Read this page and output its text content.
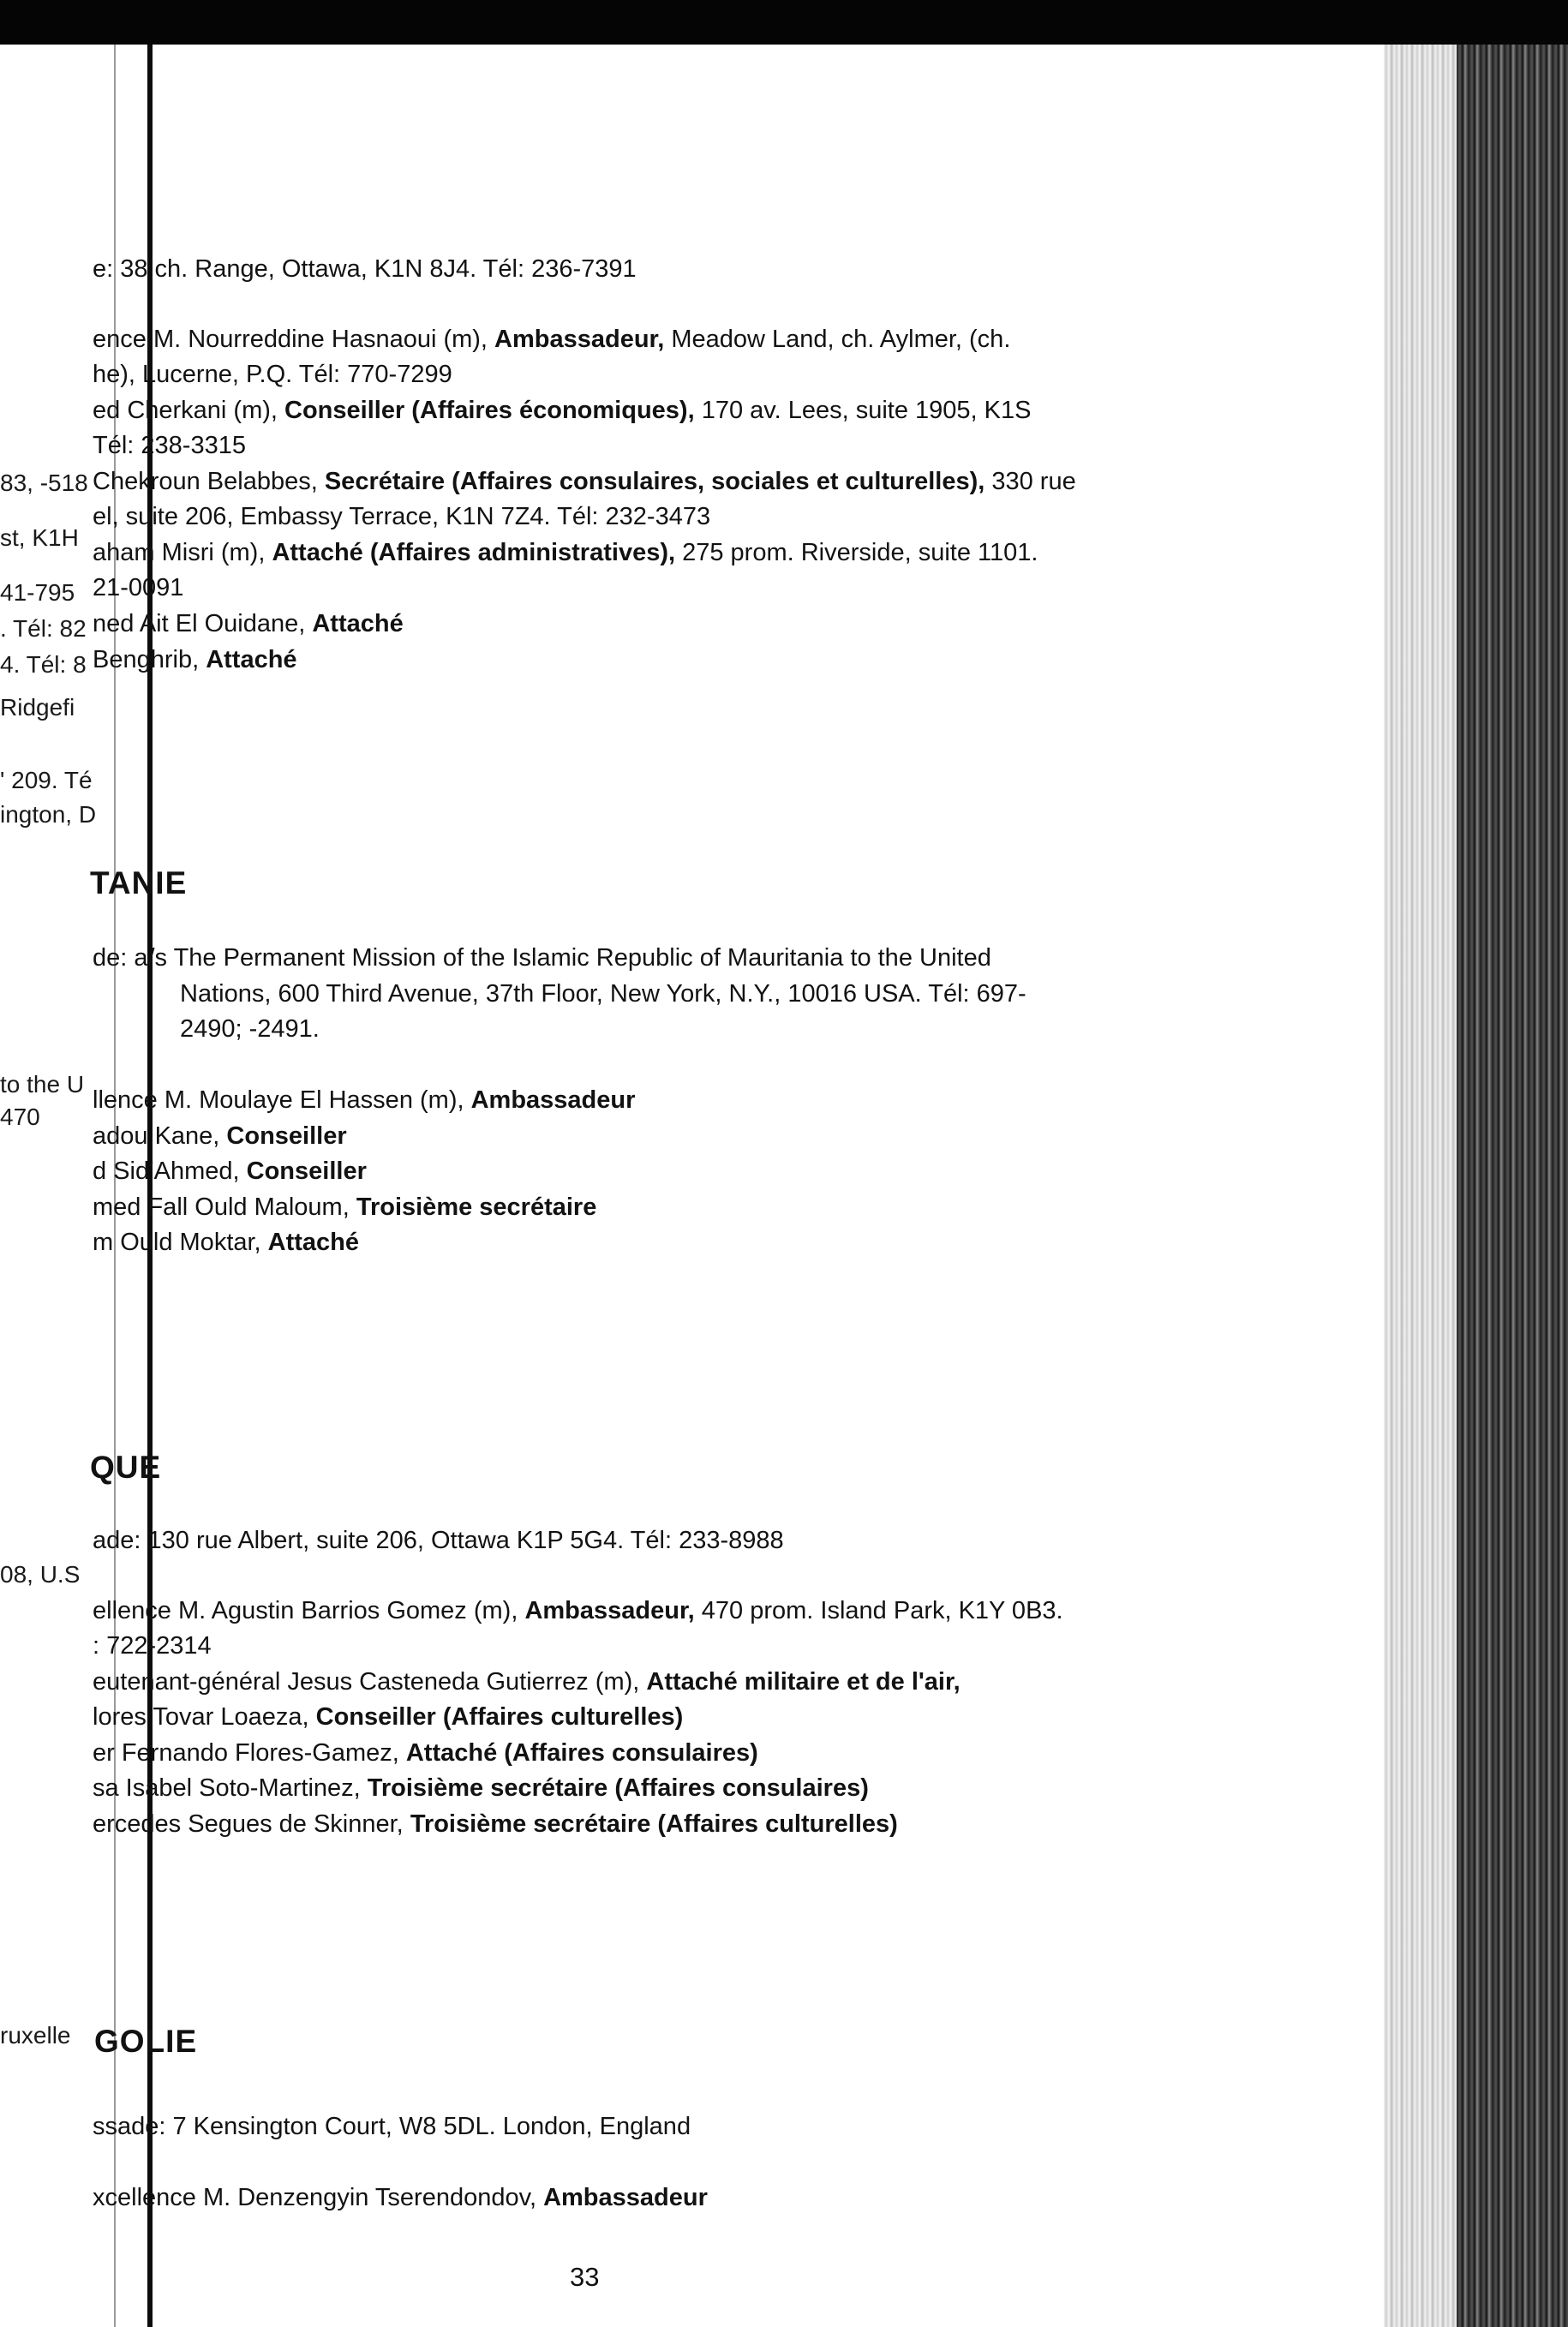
83, -518
st, K1H
41-795
. Tél: 82
4. Tél: 8
Ridgefi
' 209. Té
ington, D
to the U
470
08, U.S
ruxelle
e: 38 ch. Range, Ottawa, K1N 8J4. Tél: 236-7391
ence M. Nourreddine Hasnaoui (m), Ambassadeur, Meadow Land, ch. Aylmer, (ch.
he), Lucerne, P.Q. Tél: 770-7299
ed Cherkani (m), Conseiller (Affaires économiques), 170 av. Lees, suite 1905, K1S
Tél: 238-3315
Chekroun Belabbes, Secrétaire (Affaires consulaires, sociales et culturelles), 330 rue
el, suite 206, Embassy Terrace, K1N 7Z4. Tél: 232-3473
aham Misri (m), Attaché (Affaires administratives), 275 prom. Riverside, suite 1101.
21-0091
ned Ait El Ouidane, Attaché
Benghrib, Attaché
TANIE
de: a/s The Permanent Mission of the Islamic Republic of Mauritania to the United
Nations, 600 Third Avenue, 37th Floor, New York, N.Y., 10016 USA. Tél: 697-
2490; -2491.
llence M. Moulaye El Hassen (m), Ambassadeur
adou Kane, Conseiller
d Sid'Ahmed, Conseiller
med Fall Ould Maloum, Troisième secrétaire
m Ould Moktar, Attaché
QUE
ade: 130 rue Albert, suite 206, Ottawa K1P 5G4. Tél: 233-8988
ellence M. Agustin Barrios Gomez (m), Ambassadeur, 470 prom. Island Park, K1Y 0B3.
: 722-2314
eutenant-général Jesus Casteneda Gutierrez (m), Attaché militaire et de l'air,
lores Tovar Loaeza, Conseiller (Affaires culturelles)
er Fernando Flores-Gamez, Attaché (Affaires consulaires)
sa Isabel Soto-Martinez, Troisième secrétaire (Affaires consulaires)
ercedes Segues de Skinner, Troisième secrétaire (Affaires culturelles)
GOLIE
ssade: 7 Kensington Court, W8 5DL. London, England
xcellence M. Denzengyin Tserendondov, Ambassadeur
33
